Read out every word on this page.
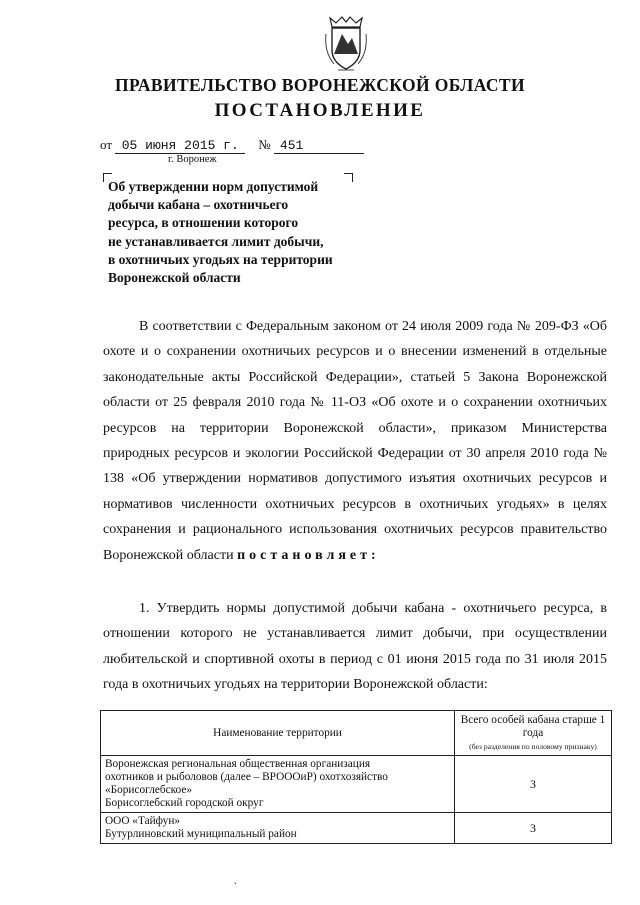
ПРАВИТЕЛЬСТВО ВОРОНЕЖСКОЙ ОБЛАСТИ
ПОСТАНОВЛЕНИЕ
от 05 июня 2015 г. № 451
г. Воронеж
Об утверждении норм допустимой
добычи кабана – охотничьего
ресурса, в отношении которого
не устанавливается лимит добычи,
в охотничьих угодьях на территории
Воронежской области
В соответствии с Федеральным законом от 24 июля 2009 года № 209-ФЗ «Об охоте и о сохранении охотничьих ресурсов и о внесении изменений в отдельные законодательные акты Российской Федерации», статьей 5 Закона Воронежской области от 25 февраля 2010 года № 11-ОЗ «Об охоте и о сохранении охотничьих ресурсов на территории Воронежской области», приказом Министерства природных ресурсов и экологии Российской Федерации от 30 апреля 2010 года № 138 «Об утверждении нормативов допустимого изъятия охотничьих ресурсов и нормативов численности охотничьих ресурсов в охотничьих угодьях» в целях сохранения и рационального использования охотничьих ресурсов правительство Воронежской области постановляет:
1. Утвердить нормы допустимой добычи кабана - охотничьего ресурса, в отношении которого не устанавливается лимит добычи, при осуществлении любительской и спортивной охоты в период с 01 июня 2015 года по 31 июля 2015 года в охотничьих угодьях на территории Воронежской области:
Наименование территории	Всего особей кабана старше 1 года
(без разделения по половому признаку)

Воронежская региональная общественная организация
охотников и рыболовов (далее – ВРОООиР) охотхозяйство
«Борисоглебское»
Борисоглебский городской округ	3

ООО «Тайфун»
Бутурлиновский муниципальный район	3
.
